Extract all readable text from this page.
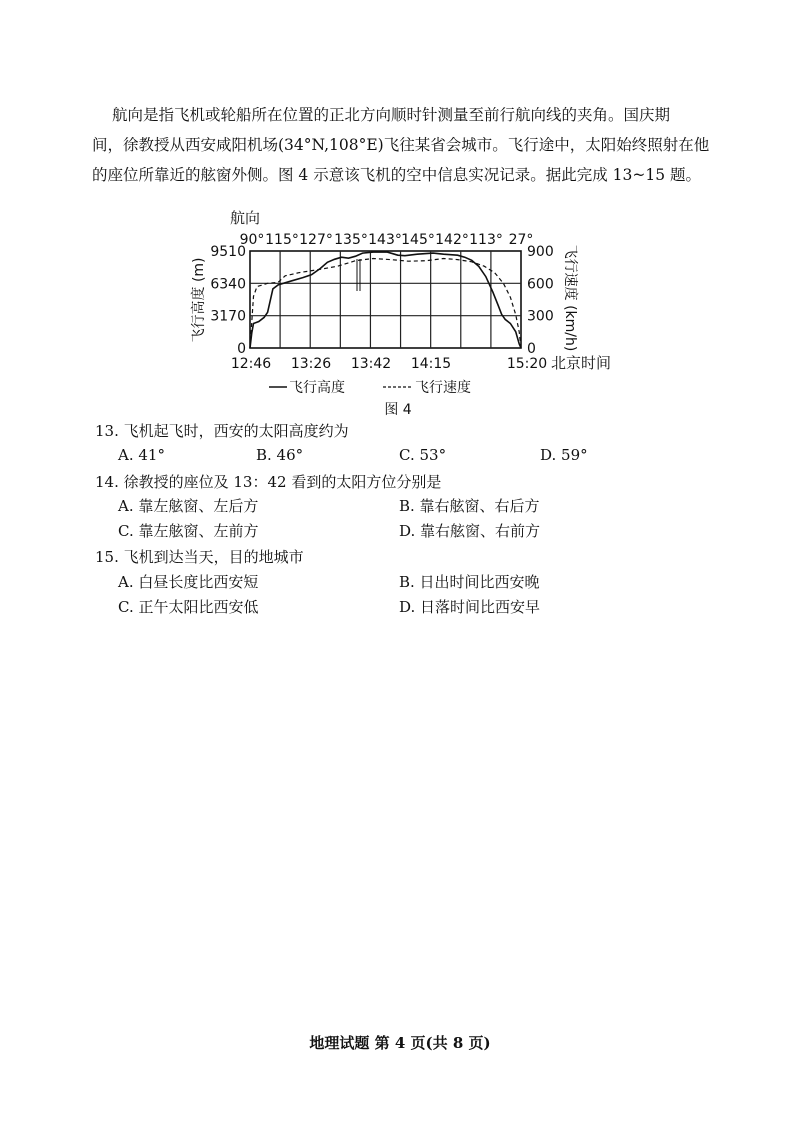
航向是指飞机或轮船所在位置的正北方向顺时针测量至前行航向线的夹角。国庆期
间，徐教授从西安咸阳机场(34°N,108°E)飞往某省会城市。飞行途中，太阳始终照射在他
的座位所靠近的舷窗外侧。图 4 示意该飞机的空中信息实况记录。据此完成 13~15 题。

90° 115° 127° 135° 143° 145° 142° 113° 27°
12:46 13:26 13:42 14:15	15:20
0
3170
6340
9510
0
300
600
900
航向
北京时间
飞行高度 (m)	飞行速度 (km/h)
飞行高度	飞行速度
图 4

13. 飞机起飞时，西安的太阳高度约为

A. 41°	B. 46°	C. 53°	D. 59°

14. 徐教授的座位及 13：42 看到的太阳方位分别是

A. 靠左舷窗、左后方	B. 靠右舷窗、右后方
C. 靠左舷窗、左前方	D. 靠右舷窗、右前方

15. 飞机到达当天，目的地城市

A. 白昼长度比西安短	B. 日出时间比西安晚
C. 正午太阳比西安低	D. 日落时间比西安早
地理试题 第 4 页(共 8 页)
